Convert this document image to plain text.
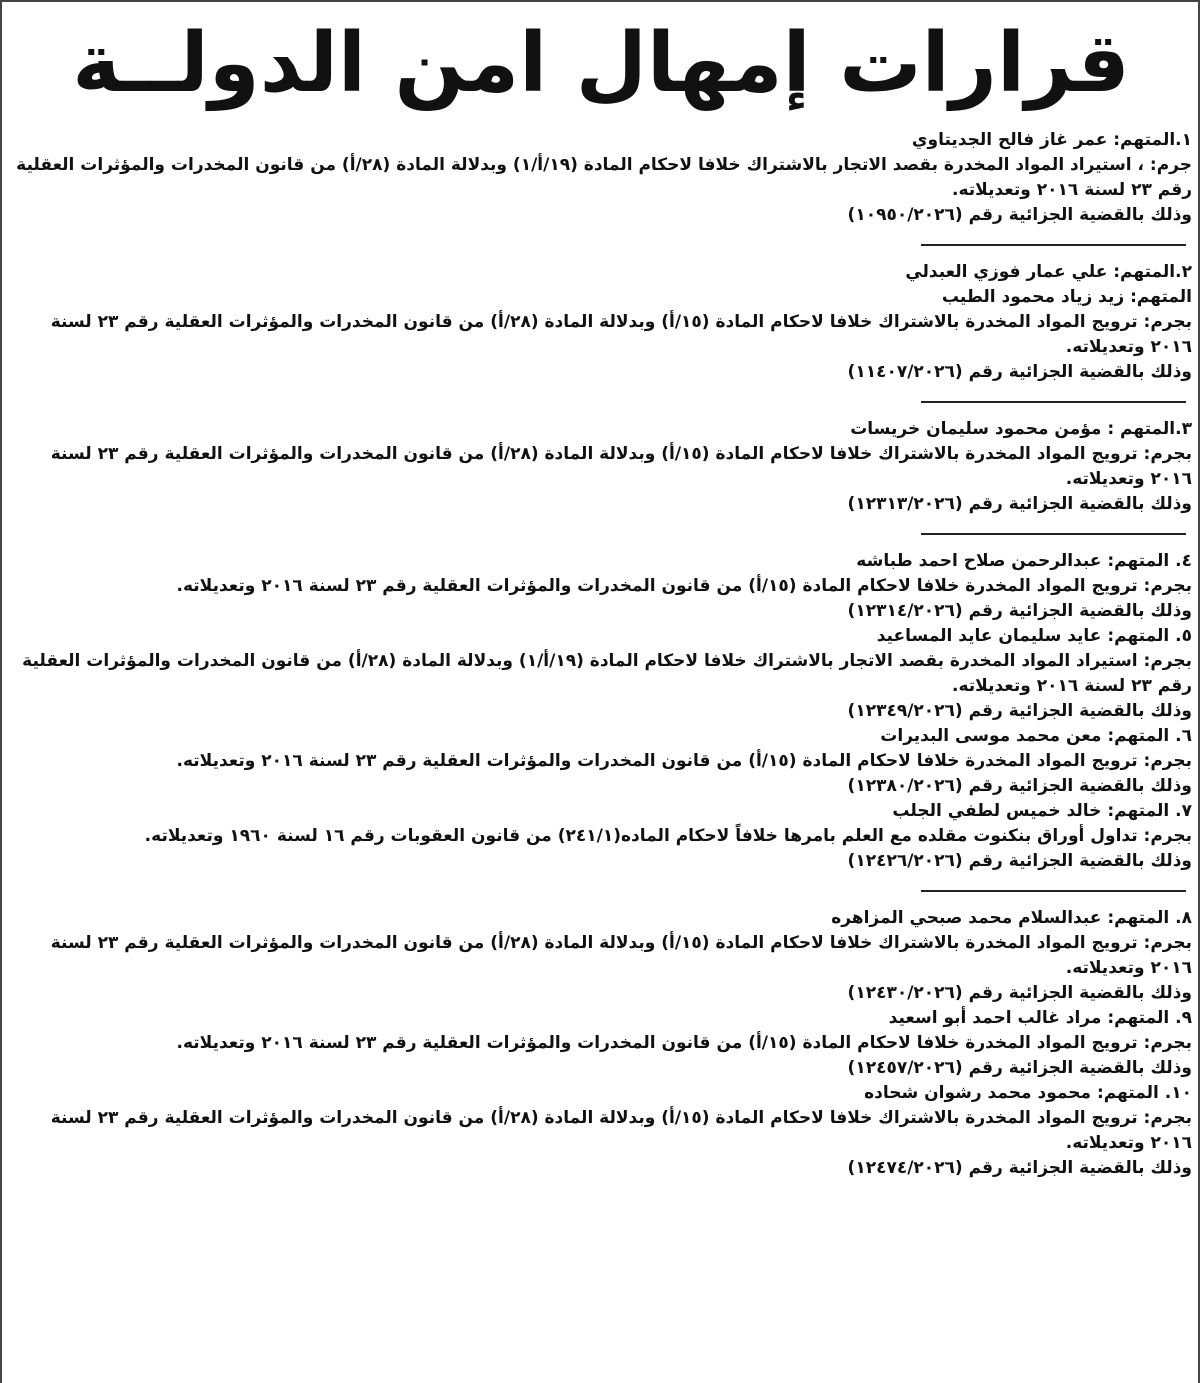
قرارات إمهال امن الدولــة
١.المتهم: عمر غاز فالح الجديتاوي
جرم: ، استيراد المواد المخدرة بقصد الاتجار بالاشتراك خلافا لاحكام المادة (١٩/أ/١) وبدلالة المادة (٢٨/أ) من قانون المخدرات والمؤثرات العقلية رقم ٢٣ لسنة ٢٠١٦ وتعديلاته.
وذلك بالقضية الجزائية رقم (١٠٩٥٠/٢٠٢٦)
٢.المتهم: علي عمار فوزي العبدلي
المتهم: زيد زياد محمود الطيب
بجرم: ترويج المواد المخدرة بالاشتراك خلافا لاحكام المادة (١٥/أ) وبدلالة المادة (٢٨/أ) من قانون المخدرات والمؤثرات العقلية رقم ٢٣ لسنة ٢٠١٦ وتعديلاته.
وذلك بالقضية الجزائية رقم (١١٤٠٧/٢٠٢٦)
٣.المتهم : مؤمن محمود سليمان خريسات
بجرم: ترويج المواد المخدرة بالاشتراك خلافا لاحكام المادة (١٥/أ) وبدلالة المادة (٢٨/أ) من قانون المخدرات والمؤثرات العقلية رقم ٢٣ لسنة ٢٠١٦ وتعديلاته.
وذلك بالقضية الجزائية رقم (١٢٣١٣/٢٠٢٦)
٤. المتهم: عبدالرحمن صلاح احمد طباشه
بجرم: ترويج المواد المخدرة خلافا لاحكام المادة (١٥/أ) من قانون المخدرات والمؤثرات العقلية رقم ٢٣ لسنة ٢٠١٦ وتعديلاته.
وذلك بالقضية الجزائية رقم (١٢٣١٤/٢٠٢٦)
٥. المتهم: عايد سليمان عايد المساعيد
بجرم: استيراد المواد المخدرة بقصد الاتجار بالاشتراك خلافا لاحكام المادة (١٩/أ/١) وبدلالة المادة (٢٨/أ) من قانون المخدرات والمؤثرات العقلية رقم ٢٣ لسنة ٢٠١٦ وتعديلاته.
وذلك بالقضية الجزائية رقم (١٢٣٤٩/٢٠٢٦)
٦. المتهم: معن محمد موسى البديرات
بجرم: ترويج المواد المخدرة خلافا لاحكام المادة (١٥/أ) من قانون المخدرات والمؤثرات العقلية رقم ٢٣ لسنة ٢٠١٦ وتعديلاته.
وذلك بالقضية الجزائية رقم (١٢٣٨٠/٢٠٢٦)
٧. المتهم: خالد خميس لطفي الجلب
بجرم: تداول أوراق بنكنوت مقلده مع العلم بامرها خلافاً لاحكام الماده(٢٤١/١) من قانون العقوبات رقم ١٦ لسنة ١٩٦٠ وتعديلاته.
وذلك بالقضية الجزائية رقم (١٢٤٢٦/٢٠٢٦)
٨. المتهم: عبدالسلام محمد صبحي المزاهره
بجرم: ترويج المواد المخدرة بالاشتراك خلافا لاحكام المادة (١٥/أ) وبدلالة المادة (٢٨/أ) من قانون المخدرات والمؤثرات العقلية رقم ٢٣ لسنة ٢٠١٦ وتعديلاته.
وذلك بالقضية الجزائية رقم (١٢٤٣٠/٢٠٢٦)
٩. المتهم: مراد غالب احمد أبو اسعيد
بجرم: ترويج المواد المخدرة خلافا لاحكام المادة (١٥/أ) من قانون المخدرات والمؤثرات العقلية رقم ٢٣ لسنة ٢٠١٦ وتعديلاته.
وذلك بالقضية الجزائية رقم (١٢٤٥٧/٢٠٢٦)
١٠. المتهم: محمود محمد رشوان شحاده
بجرم: ترويج المواد المخدرة بالاشتراك خلافا لاحكام المادة (١٥/أ) وبدلالة المادة (٢٨/أ) من قانون المخدرات والمؤثرات العقلية رقم ٢٣ لسنة ٢٠١٦ وتعديلاته.
وذلك بالقضية الجزائية رقم (١٢٤٧٤/٢٠٢٦)
